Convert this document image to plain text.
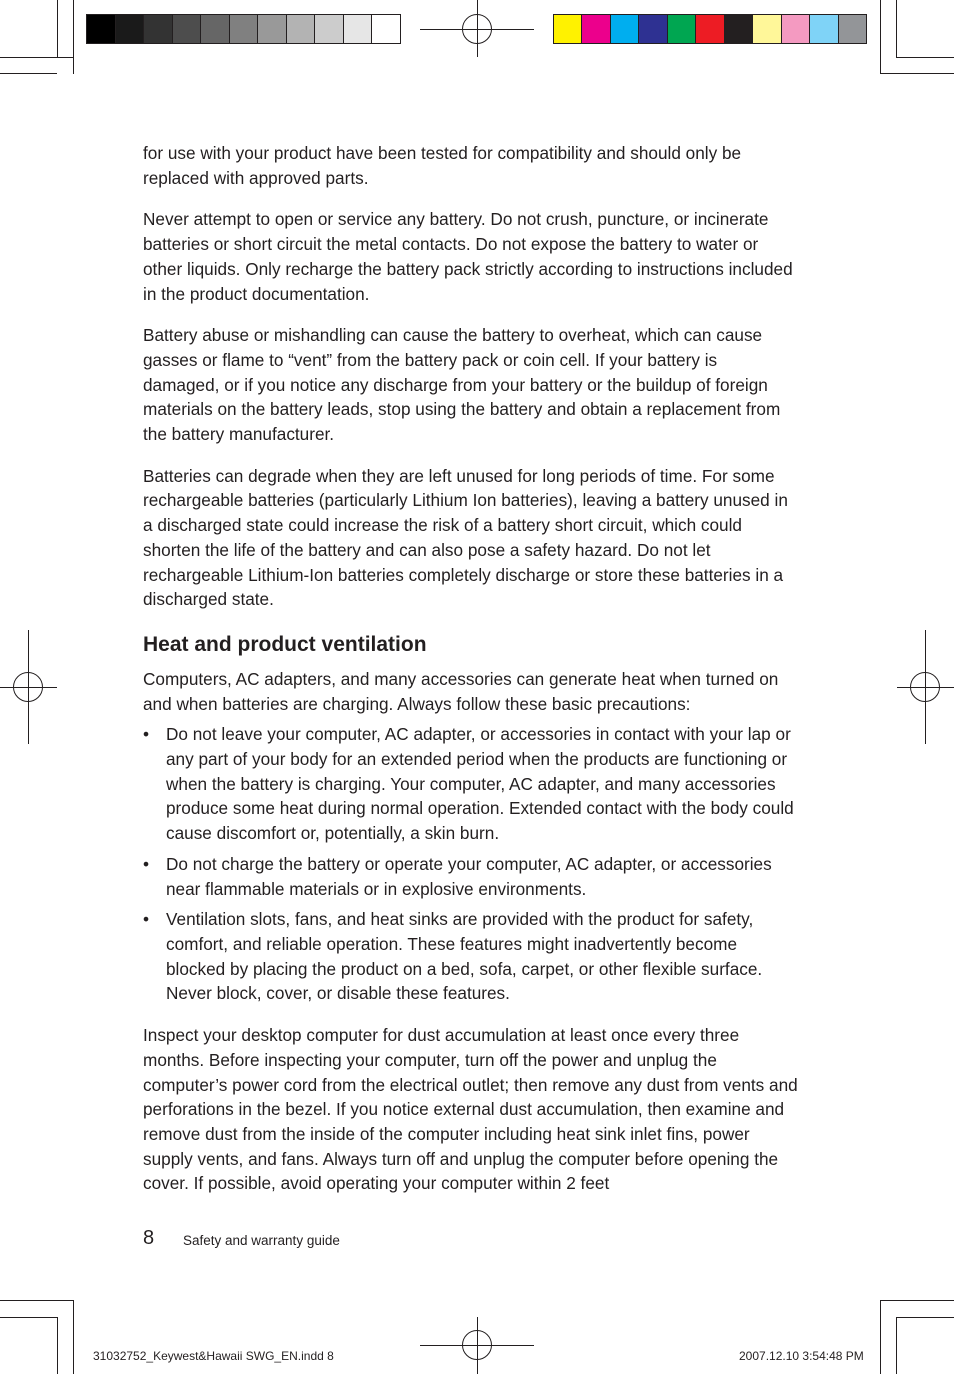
for use with your product have been tested for compatibility and should only be replaced with approved parts.

Never attempt to open or service any battery. Do not crush, puncture, or incinerate batteries or short circuit the metal contacts. Do not expose the battery to water or other liquids. Only recharge the battery pack strictly according to instructions included in the product documentation.

Battery abuse or mishandling can cause the battery to overheat, which can cause gasses or flame to “vent” from the battery pack or coin cell. If your battery is damaged, or if you notice any discharge from your battery or the buildup of foreign materials on the battery leads, stop using the battery and obtain a replacement from the battery manufacturer.

Batteries can degrade when they are left unused for long periods of time. For some rechargeable batteries (particularly Lithium Ion batteries), leaving a battery unused in a discharged state could increase the risk of a battery short circuit, which could shorten the life of the battery and can also pose a safety hazard. Do not let rechargeable Lithium-Ion batteries completely discharge or store these batteries in a discharged state.

Heat and product ventilation

Computers, AC adapters, and many accessories can generate heat when turned on and when batteries are charging. Always follow these basic precautions:

• Do not leave your computer, AC adapter, or accessories in contact with your lap or any part of your body for an extended period when the products are functioning or when the battery is charging. Your computer, AC adapter, and many accessories produce some heat during normal operation. Extended contact with the body could cause discomfort or, potentially, a skin burn.
• Do not charge the battery or operate your computer, AC adapter, or accessories near flammable materials or in explosive environments.
• Ventilation slots, fans, and heat sinks are provided with the product for safety, comfort, and reliable operation. These features might inadvertently become blocked by placing the product on a bed, sofa, carpet, or other flexible surface. Never block, cover, or disable these features.

Inspect your desktop computer for dust accumulation at least once every three months. Before inspecting your computer, turn off the power and unplug the computer’s power cord from the electrical outlet; then remove any dust from vents and perforations in the bezel. If you notice external dust accumulation, then examine and remove dust from the inside of the computer including heat sink inlet fins, power supply vents, and fans. Always turn off and unplug the computer before opening the cover. If possible, avoid operating your computer within 2 feet

8 Safety and warranty guide
31032752_Keywest&Hawaii SWG_EN.indd 8	2007.12.10 3:54:48 PM
